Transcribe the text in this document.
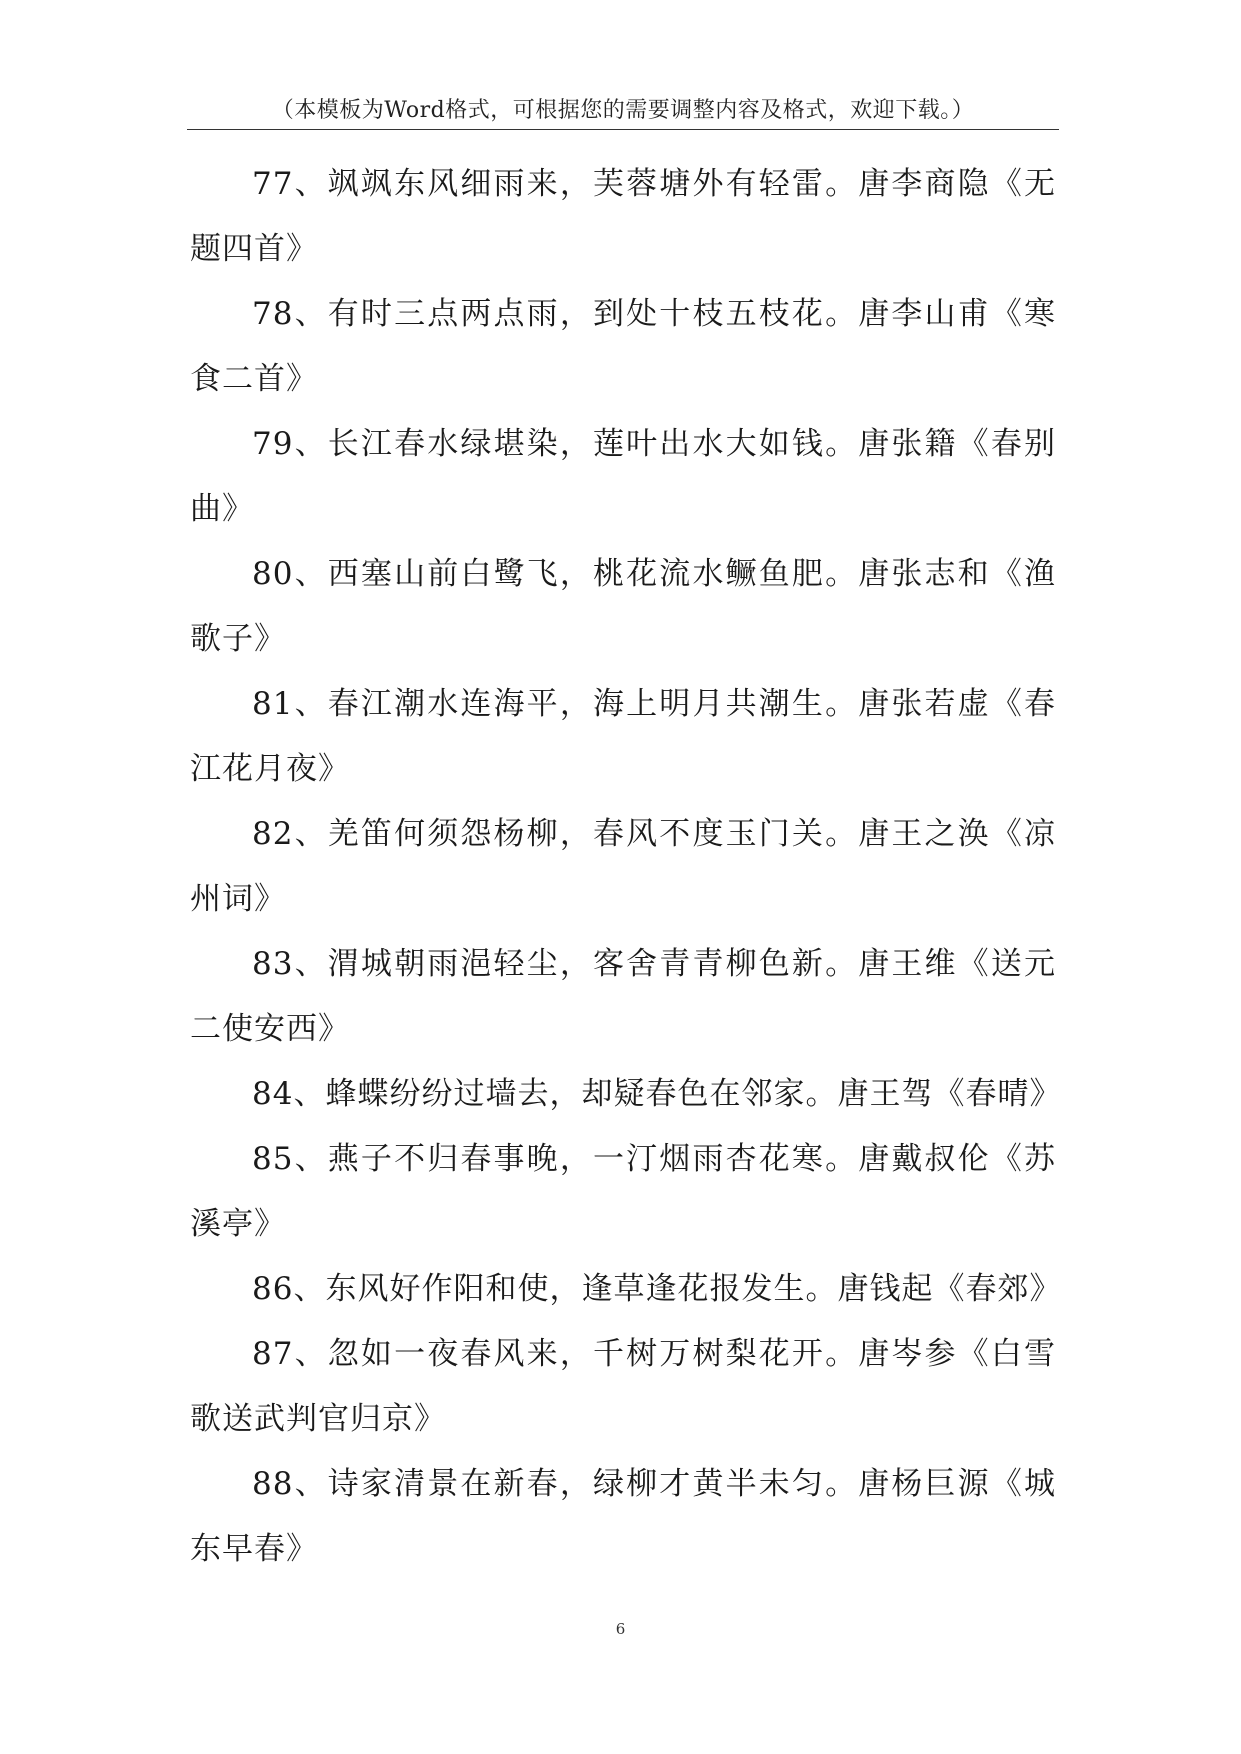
（本模板为Word格式，可根据您的需要调整内容及格式，欢迎下载。）

77、飒飒东风细雨来，芙蓉塘外有轻雷。唐李商隐《无题四首》

78、有时三点两点雨，到处十枝五枝花。唐李山甫《寒食二首》

79、长江春水绿堪染，莲叶出水大如钱。唐张籍《春别曲》

80、西塞山前白鹭飞，桃花流水鳜鱼肥。唐张志和《渔歌子》

81、春江潮水连海平，海上明月共潮生。唐张若虚《春江花月夜》

82、羌笛何须怨杨柳，春风不度玉门关。唐王之涣《凉州词》

83、渭城朝雨浥轻尘，客舍青青柳色新。唐王维《送元二使安西》

84、蜂蝶纷纷过墙去，却疑春色在邻家。唐王驾《春晴》

85、燕子不归春事晚，一汀烟雨杏花寒。唐戴叔伦《苏溪亭》

86、东风好作阳和使，逢草逢花报发生。唐钱起《春郊》

87、忽如一夜春风来，千树万树梨花开。唐岑参《白雪歌送武判官归京》

88、诗家清景在新春，绿柳才黄半未匀。唐杨巨源《城东早春》

6
